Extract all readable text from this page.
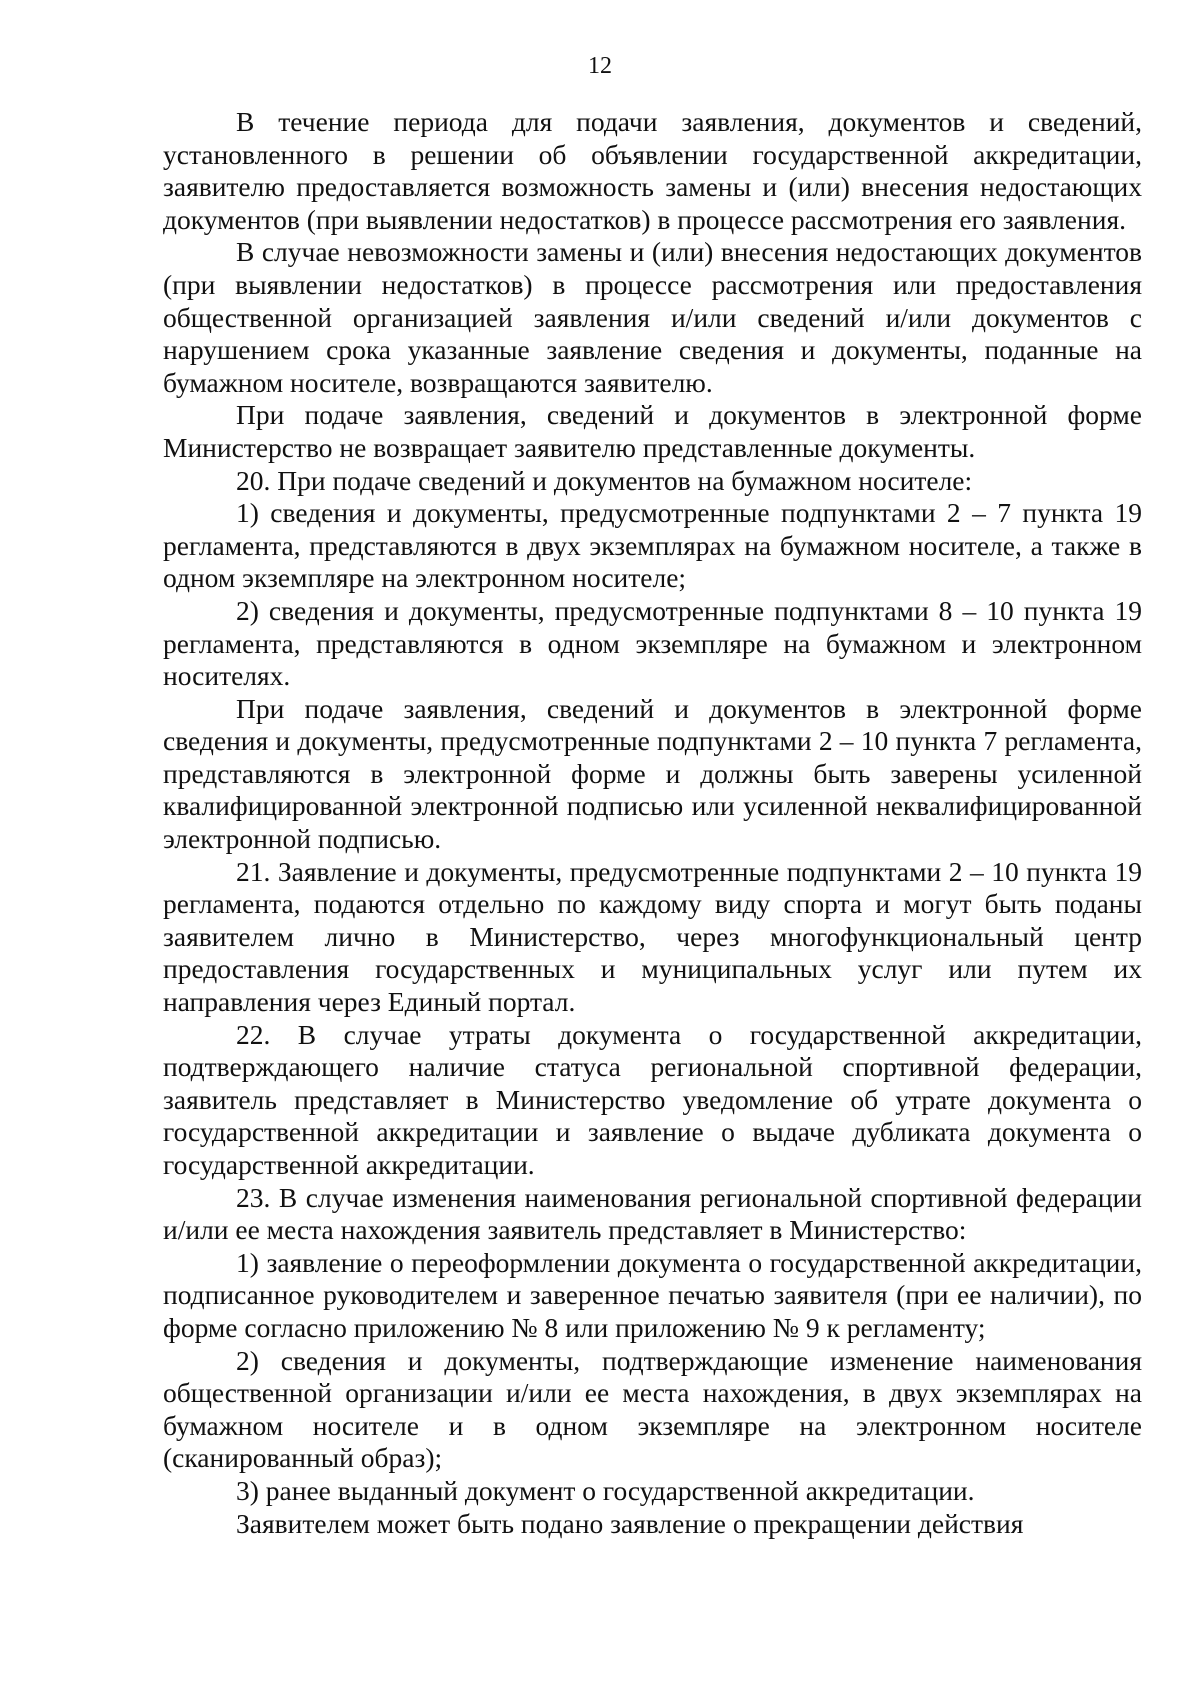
12

В течение периода для подачи заявления, документов и сведений, установленного в решении об объявлении государственной аккредитации, заявителю предоставляется возможность замены и (или) внесения недостающих документов (при выявлении недостатков) в процессе рассмотрения его заявления.

В случае невозможности замены и (или) внесения недостающих документов (при выявлении недостатков) в процессе рассмотрения или предоставления общественной организацией заявления и/или сведений и/или документов с нарушением срока указанные заявление сведения и документы, поданные на бумажном носителе, возвращаются заявителю.

При подаче заявления, сведений и документов в электронной форме Министерство не возвращает заявителю представленные документы.

20. При подаче сведений и документов на бумажном носителе:

1) сведения и документы, предусмотренные подпунктами 2 – 7 пункта 19 регламента, представляются в двух экземплярах на бумажном носителе, а также в одном экземпляре на электронном носителе;

2) сведения и документы, предусмотренные подпунктами 8 – 10 пункта 19 регламента, представляются в одном экземпляре на бумажном и электронном носителях.

При подаче заявления, сведений и документов в электронной форме сведения и документы, предусмотренные подпунктами 2 – 10 пункта 7 регламента, представляются в электронной форме и должны быть заверены усиленной квалифицированной электронной подписью или усиленной неквалифицированной электронной подписью.

21. Заявление и документы, предусмотренные подпунктами 2 – 10 пункта 19 регламента, подаются отдельно по каждому виду спорта и могут быть поданы заявителем лично в Министерство, через многофункциональный центр предоставления государственных и муниципальных услуг или путем их направления через Единый портал.

22. В случае утраты документа о государственной аккредитации, подтверждающего наличие статуса региональной спортивной федерации, заявитель представляет в Министерство уведомление об утрате документа о государственной аккредитации и заявление о выдаче дубликата документа о государственной аккредитации.

23. В случае изменения наименования региональной спортивной федерации и/или ее места нахождения заявитель представляет в Министерство:

1) заявление о переоформлении документа о государственной аккредитации, подписанное руководителем и заверенное печатью заявителя (при ее наличии), по форме согласно приложению № 8 или приложению № 9 к регламенту;

2) сведения и документы, подтверждающие изменение наименования общественной организации и/или ее места нахождения, в двух экземплярах на бумажном носителе и в одном экземпляре на электронном носителе (сканированный образ);

3) ранее выданный документ о государственной аккредитации.

Заявителем может быть подано заявление о прекращении действия
